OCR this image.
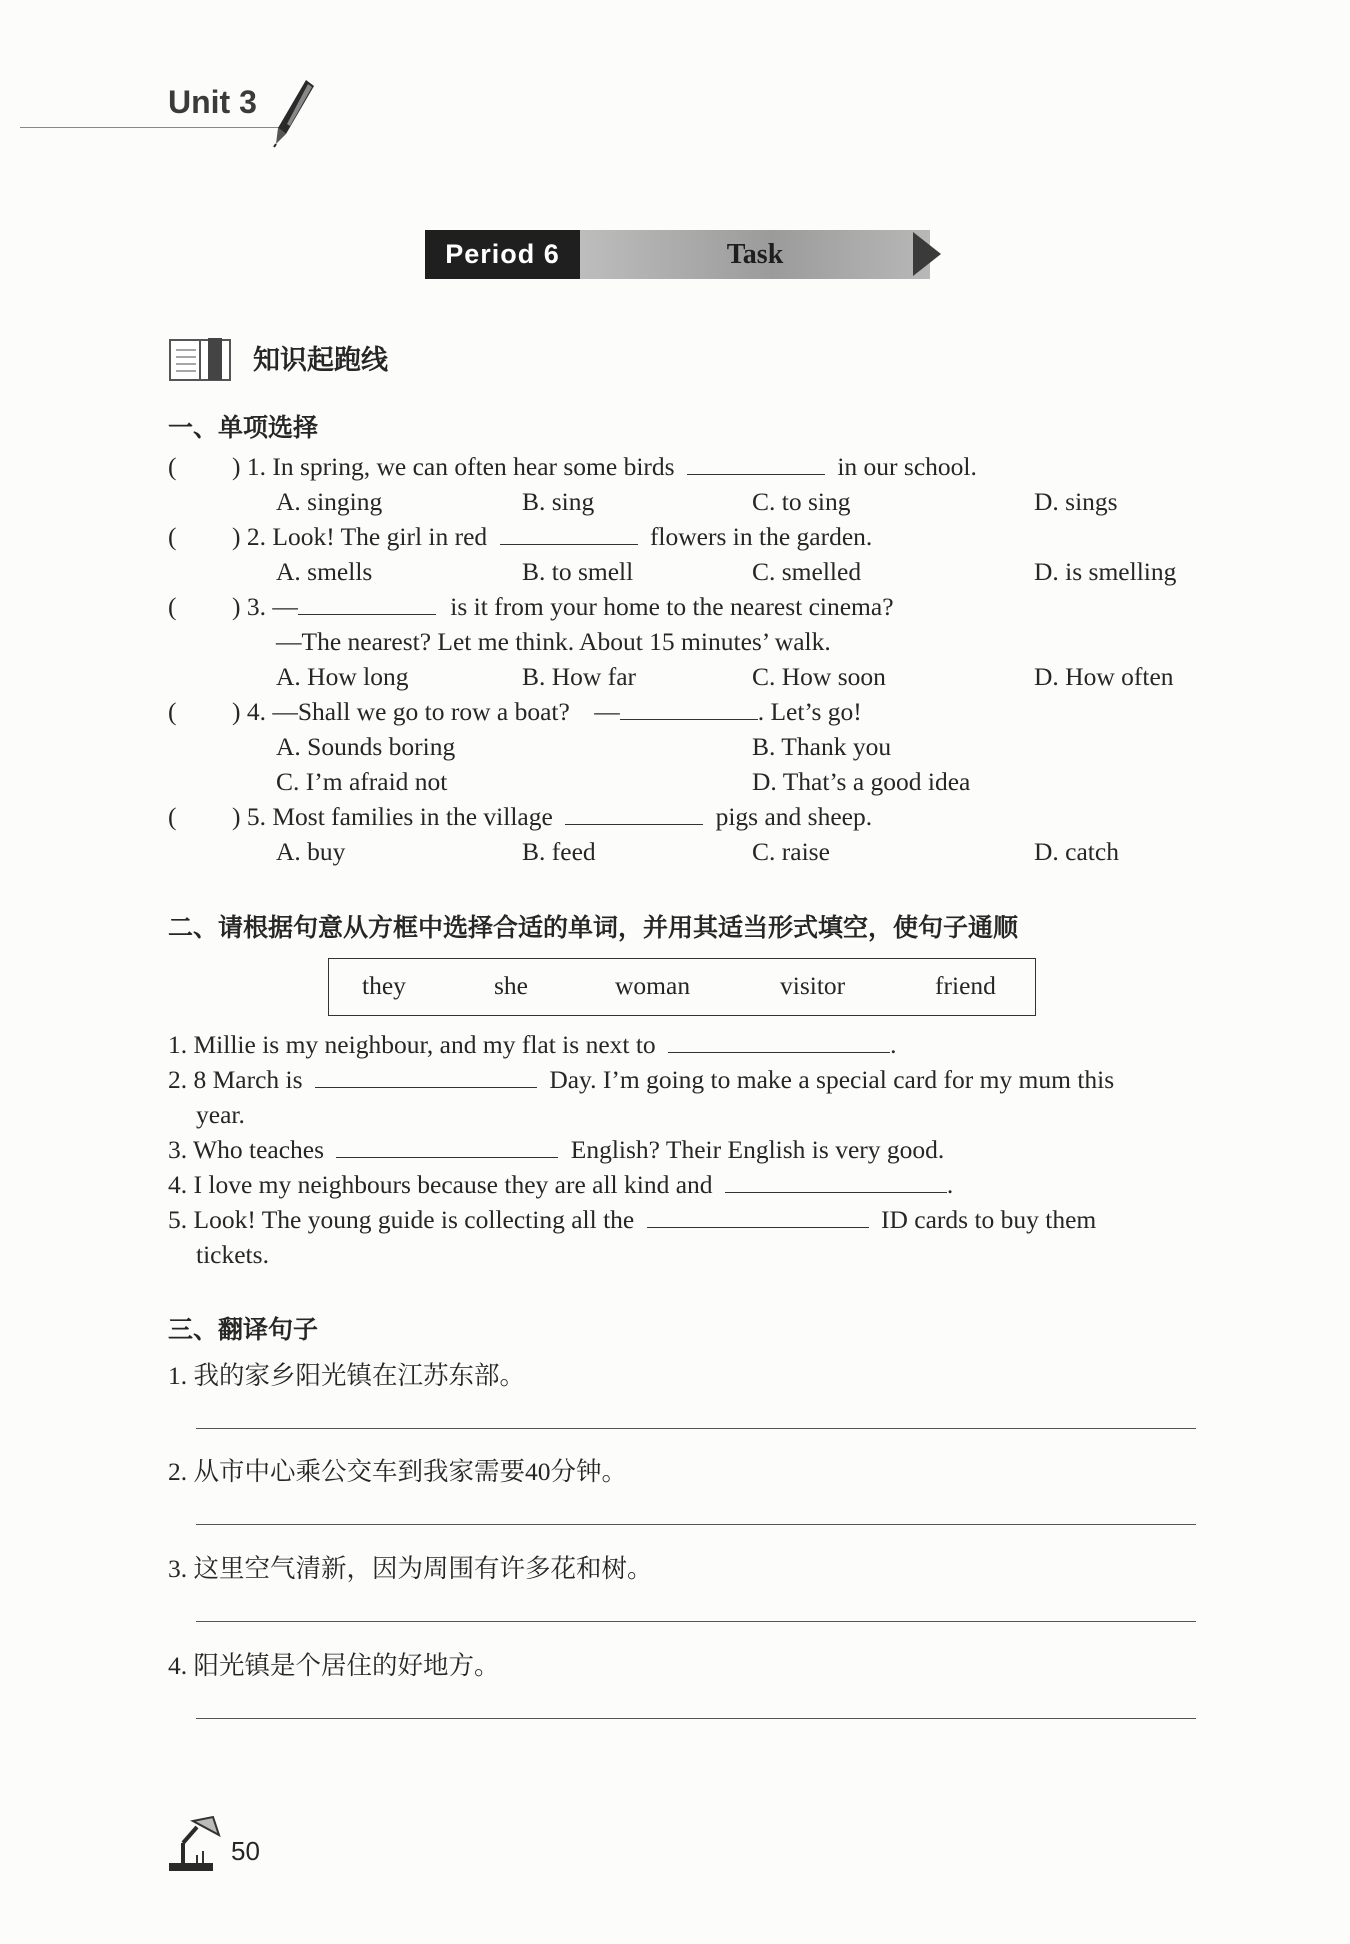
Unit 3
Period 6	Task
知识起跑线
一、单项选择
( ) 1. In spring, we can often hear some birds	in our school.
A. singing	B. sing	C. to sing	D. sings
( ) 2. Look! The girl in red	flowers in the garden.
A. smells	B. to smell	C. smelled	D. is smelling
( ) 3. —	is it from your home to the nearest cinema?
—The nearest? Let me think. About 15 minutes’ walk.
A. How long	B. How far	C. How soon	D. How often
( ) 4. —Shall we go to row a boat? —	. Let’s go!
A. Sounds boring	B. Thank you
C. I’m afraid not	D. That’s a good idea
( ) 5. Most families in the village	pigs and sheep.
A. buy	B. feed	C. raise	D. catch
二、请根据句意从方框中选择合适的单词，并用其适当形式填空，使句子通顺
they	she	woman	visitor	friend
1. Millie is my neighbour, and my flat is next to	.
2. 8 March is	Day. I’m going to make a special card for my mum this
year.
3. Who teaches	English? Their English is very good.
4. I love my neighbours because they are all kind and	.
5. Look! The young guide is collecting all the	ID cards to buy them
tickets.
三、翻译句子
1. 我的家乡阳光镇在江苏东部。
2. 从市中心乘公交车到我家需要40分钟。
3. 这里空气清新，因为周围有许多花和树。
4. 阳光镇是个居住的好地方。
50
